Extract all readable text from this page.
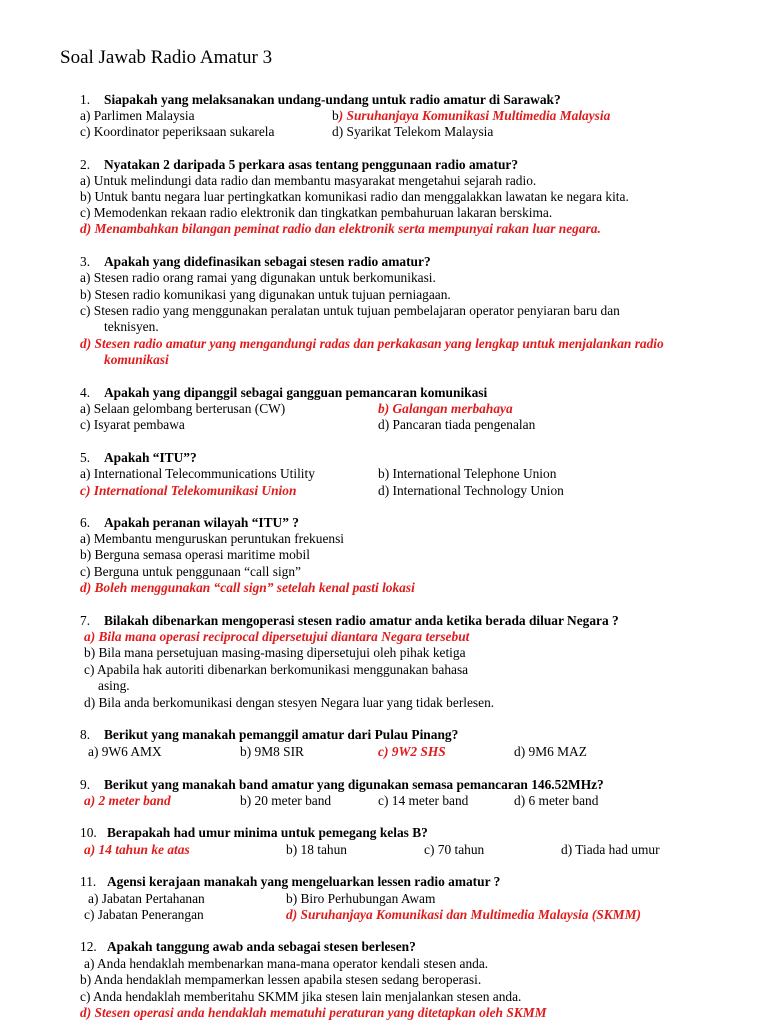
Soal Jawab Radio Amatur 3
1. Siapakah yang melaksanakan undang-undang untuk radio amatur di Sarawak?
a) Parlimen Malaysia	b) Suruhanjaya Komunikasi Multimedia Malaysia
c) Koordinator peperiksaan sukarela	d) Syarikat Telekom Malaysia
2. Nyatakan 2 daripada 5 perkara asas tentang penggunaan radio amatur?
a) Untuk melindungi data radio dan membantu masyarakat mengetahui sejarah radio.
b) Untuk bantu negara luar pertingkatkan komunikasi radio dan menggalakkan lawatan ke negara kita.
c) Memodenkan rekaan radio elektronik dan tingkatkan pembahuruan lakaran berskima.
d) Menambahkan bilangan peminat radio dan elektronik serta mempunyai rakan luar negara.
3. Apakah yang didefinasikan sebagai stesen radio amatur?
a) Stesen radio orang ramai yang digunakan untuk berkomunikasi.
b) Stesen radio komunikasi yang digunakan untuk tujuan perniagaan.
c) Stesen radio yang menggunakan peralatan untuk tujuan pembelajaran operator penyiaran baru dan
teknisyen.
d) Stesen radio amatur yang mengandungi radas dan perkakasan yang lengkap untuk menjalankan radio
komunikasi
4. Apakah yang dipanggil sebagai gangguan pemancaran komunikasi
a) Selaan gelombang berterusan (CW)	b) Galangan merbahaya
c) Isyarat pembawa	d) Pancaran tiada pengenalan
5. Apakah “ITU”?
a) International Telecommunications Utility	b) International Telephone Union
c) International Telekomunikasi Union	d) International Technology Union
6. Apakah peranan wilayah “ITU” ?
a) Membantu menguruskan peruntukan frekuensi
b) Berguna semasa operasi maritime mobil
c) Berguna untuk penggunaan “call sign”
d) Boleh menggunakan “call sign” setelah kenal pasti lokasi
7. Bilakah dibenarkan mengoperasi stesen radio amatur anda ketika berada diluar Negara ?
a) Bila mana operasi reciprocal dipersetujui diantara Negara tersebut
b) Bila mana persetujuan masing-masing dipersetujui oleh pihak ketiga
c) Apabila hak autoriti dibenarkan berkomunikasi menggunakan bahasa
asing.
d) Bila anda berkomunikasi dengan stesyen Negara luar yang tidak berlesen.
8. Berikut yang manakah pemanggil amatur dari Pulau Pinang?
a) 9W6 AMX	b) 9M8 SIR	c) 9W2 SHS	d) 9M6 MAZ
9. Berikut yang manakah band amatur yang digunakan semasa pemancaran 146.52MHz?
a) 2 meter band	b) 20 meter band	c) 14 meter band	d) 6 meter band
10. Berapakah had umur minima untuk pemegang kelas B?
a) 14 tahun ke atas	b) 18 tahun	c) 70 tahun	d) Tiada had umur
11. Agensi kerajaan manakah yang mengeluarkan lessen radio amatur ?
a) Jabatan Pertahanan	b) Biro Perhubungan Awam
c) Jabatan Penerangan	d) Suruhanjaya Komunikasi dan Multimedia Malaysia (SKMM)
12. Apakah tanggung awab anda sebagai stesen berlesen?
a) Anda hendaklah membenarkan mana-mana operator kendali stesen anda.
b) Anda hendaklah mempamerkan lessen apabila stesen sedang beroperasi.
c) Anda hendaklah memberitahu SKMM jika stesen lain menjalankan stesen anda.
d) Stesen operasi anda hendaklah mematuhi peraturan yang ditetapkan oleh SKMM
